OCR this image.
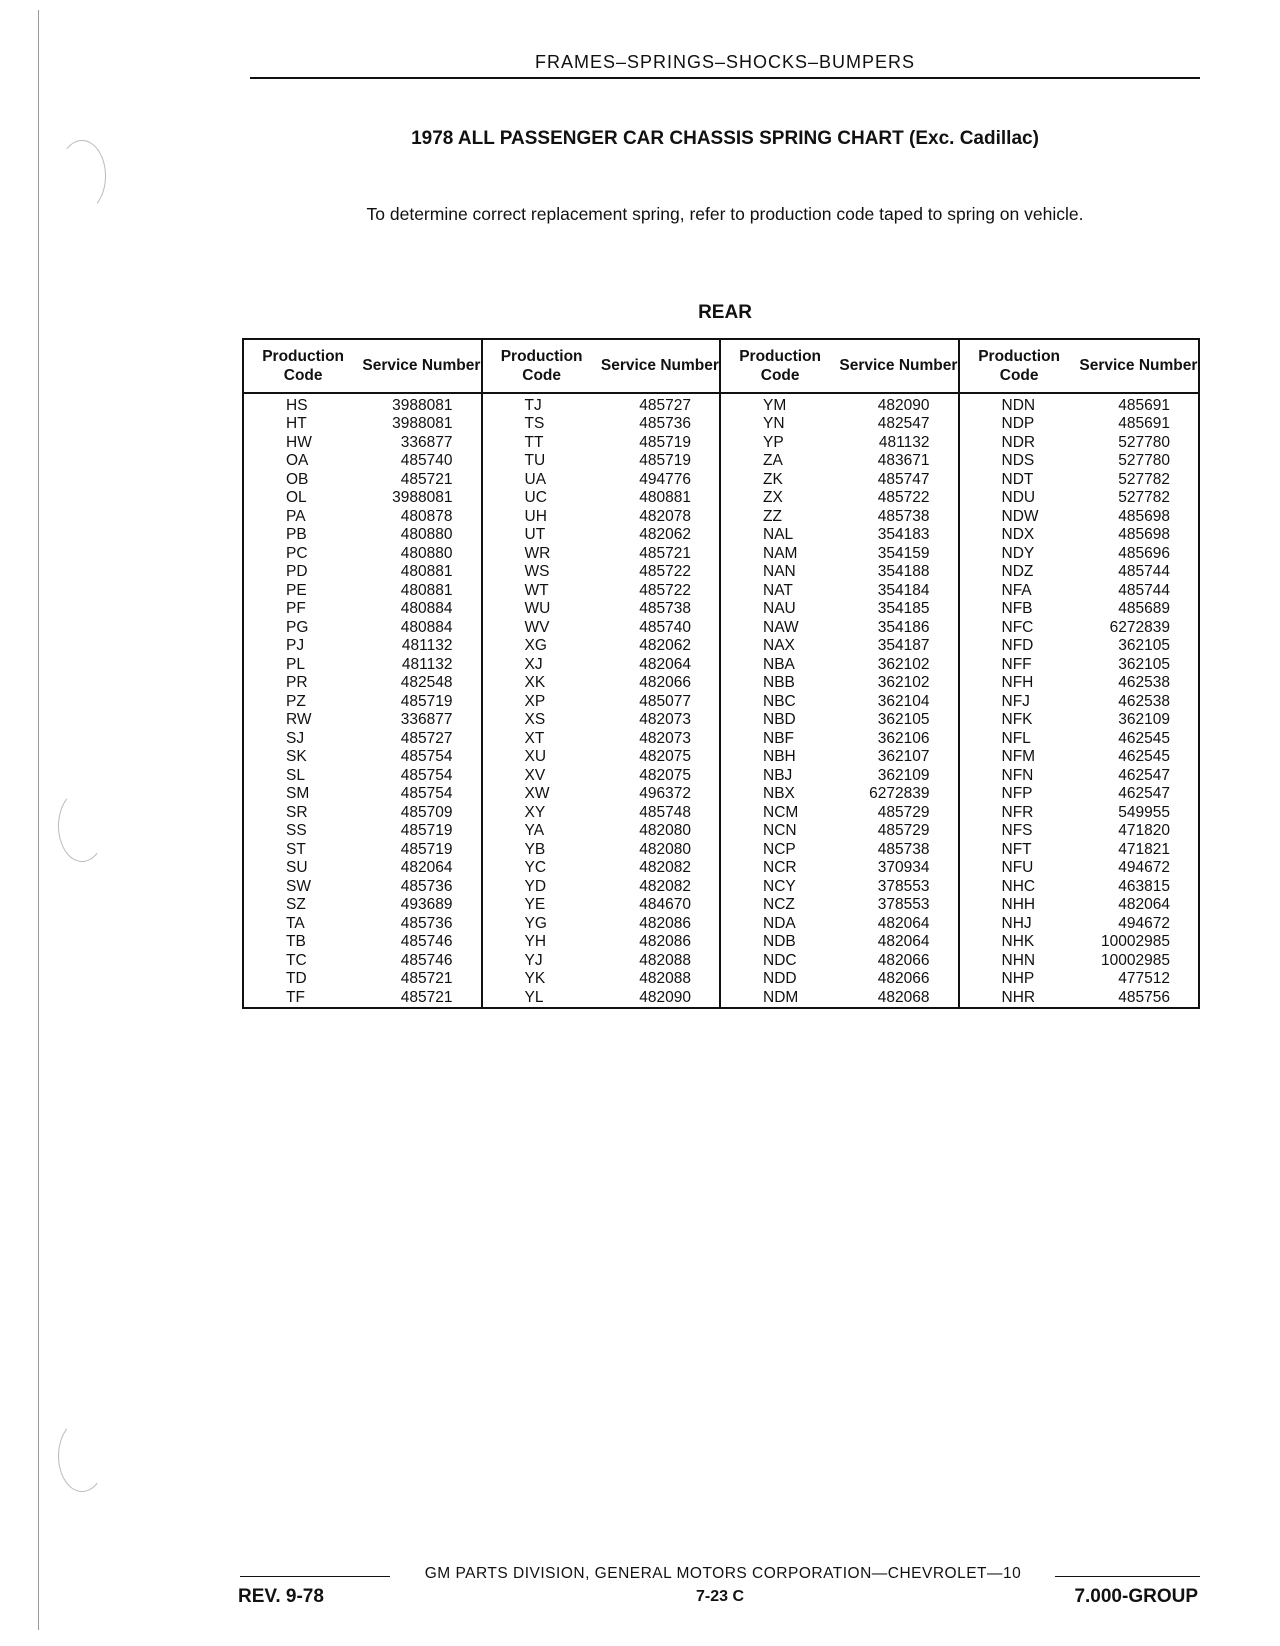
FRAMES–SPRINGS–SHOCKS–BUMPERS
1978 ALL PASSENGER CAR CHASSIS SPRING CHART (Exc. Cadillac)
To determine correct replacement spring, refer to production code taped to spring on vehicle.
REAR
Production Code
Service Number
HS	3988081
HT	3988081
HW	336877
OA	485740
OB	485721
OL	3988081
PA	480878
PB	480880
PC	480880
PD	480881
PE	480881
PF	480884
PG	480884
PJ	481132
PL	481132
PR	482548
PZ	485719
RW	336877
SJ	485727
SK	485754
SL	485754
SM	485754
SR	485709
SS	485719
ST	485719
SU	482064
SW	485736
SZ	493689
TA	485736
TB	485746
TC	485746
TD	485721
TF	485721
Production Code
Service Number
TJ	485727
TS	485736
TT	485719
TU	485719
UA	494776
UC	480881
UH	482078
UT	482062
WR	485721
WS	485722
WT	485722
WU	485738
WV	485740
XG	482062
XJ	482064
XK	482066
XP	485077
XS	482073
XT	482073
XU	482075
XV	482075
XW	496372
XY	485748
YA	482080
YB	482080
YC	482082
YD	482082
YE	484670
YG	482086
YH	482086
YJ	482088
YK	482088
YL	482090
Production Code
Service Number
YM	482090
YN	482547
YP	481132
ZA	483671
ZK	485747
ZX	485722
ZZ	485738
NAL	354183
NAM	354159
NAN	354188
NAT	354184
NAU	354185
NAW	354186
NAX	354187
NBA	362102
NBB	362102
NBC	362104
NBD	362105
NBF	362106
NBH	362107
NBJ	362109
NBX	6272839
NCM	485729
NCN	485729
NCP	485738
NCR	370934
NCY	378553
NCZ	378553
NDA	482064
NDB	482064
NDC	482066
NDD	482066
NDM	482068
Production Code
Service Number
NDN	485691
NDP	485691
NDR	527780
NDS	527780
NDT	527782
NDU	527782
NDW	485698
NDX	485698
NDY	485696
NDZ	485744
NFA	485744
NFB	485689
NFC	6272839
NFD	362105
NFF	362105
NFH	462538
NFJ	462538
NFK	362109
NFL	462545
NFM	462545
NFN	462547
NFP	462547
NFR	549955
NFS	471820
NFT	471821
NFU	494672
NHC	463815
NHH	482064
NHJ	494672
NHK	10002985
NHN	10002985
NHP	477512
NHR	485756
GM PARTS DIVISION, GENERAL MOTORS CORPORATION—CHEVROLET—10
REV. 9-78	7-23 C	7.000-GROUP
